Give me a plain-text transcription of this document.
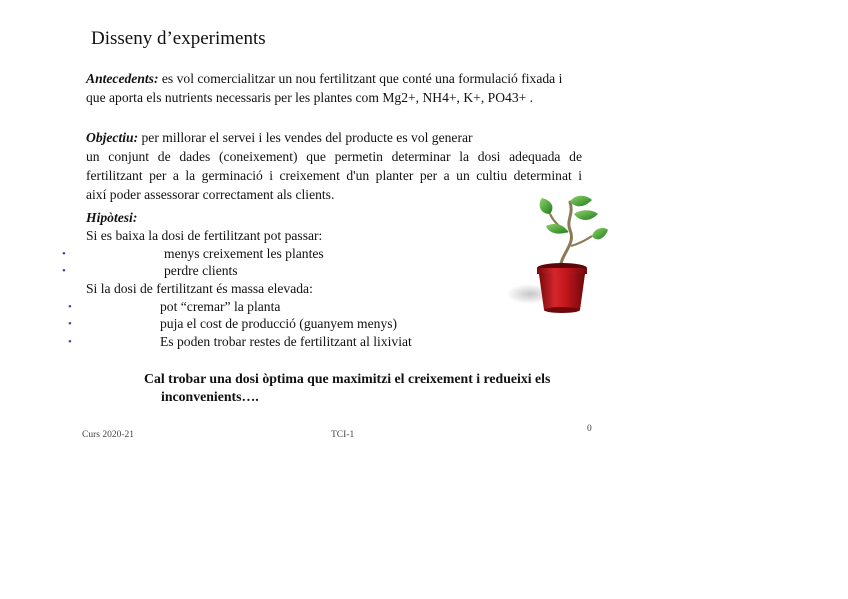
Disseny d’experiments
Antecedents: es vol comercialitzar un nou fertilitzant que conté una formulació fixada i
que aporta els nutrients necessaris per les plantes com Mg2+, NH4+, K+, PO43+ .
Objectiu: per millorar el servei i les vendes del producte es vol generar
un conjunt de dades (coneixement) que permetin determinar la dosi adequada de
fertilitzant per a la germinació i creixement d'un planter per a un cultiu determinat i
així poder assessorar correctament als clients.
Hipòtesi:
Si es baixa la dosi de fertilitzant pot passar:
•	menys creixement les plantes
•	perdre clients
Si la dosi de fertilitzant és massa elevada:
•	pot “cremar” la planta
•	puja el cost de producció (guanyem menys)
•	Es poden trobar restes de fertilitzant al lixiviat
Cal trobar una dosi òptima que maximitzi el creixement i redueixi els
inconvenients….
Curs 2020-21	TCI-1
0
